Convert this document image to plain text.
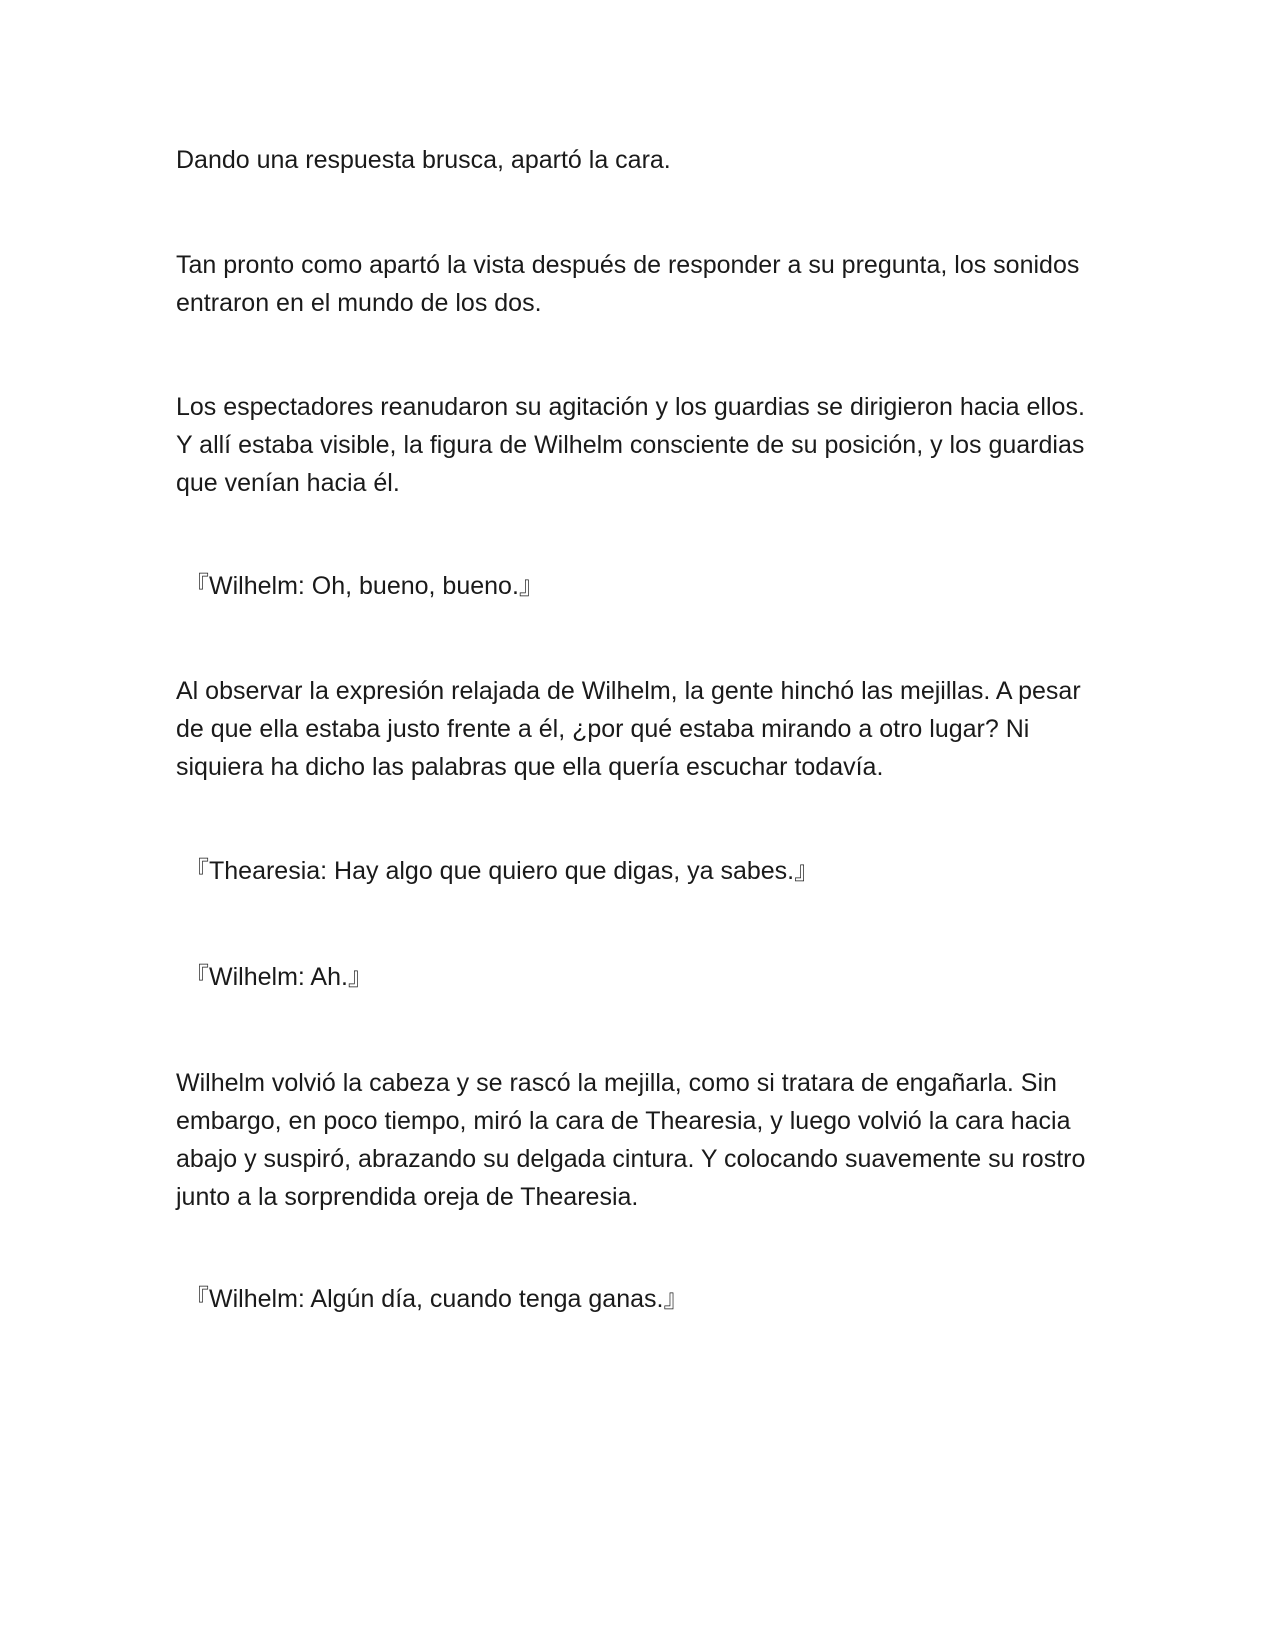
Dando una respuesta brusca, apartó la cara.

Tan pronto como apartó la vista después de responder a su pregunta, los sonidos entraron en el mundo de los dos.

Los espectadores reanudaron su agitación y los guardias se dirigieron hacia ellos. Y allí estaba visible, la figura de Wilhelm consciente de su posición, y los guardias que venían hacia él.

『Wilhelm: Oh, bueno, bueno.』

Al observar la expresión relajada de Wilhelm, la gente hinchó las mejillas. A pesar de que ella estaba justo frente a él, ¿por qué estaba mirando a otro lugar? Ni siquiera ha dicho las palabras que ella quería escuchar todavía.

『Thearesia: Hay algo que quiero que digas, ya sabes.』

『Wilhelm: Ah.』

Wilhelm volvió la cabeza y se rascó la mejilla, como si tratara de engañarla. Sin embargo, en poco tiempo, miró la cara de Thearesia, y luego volvió la cara hacia abajo y suspiró, abrazando su delgada cintura. Y colocando suavemente su rostro junto a la sorprendida oreja de Thearesia.

『Wilhelm: Algún día, cuando tenga ganas.』
